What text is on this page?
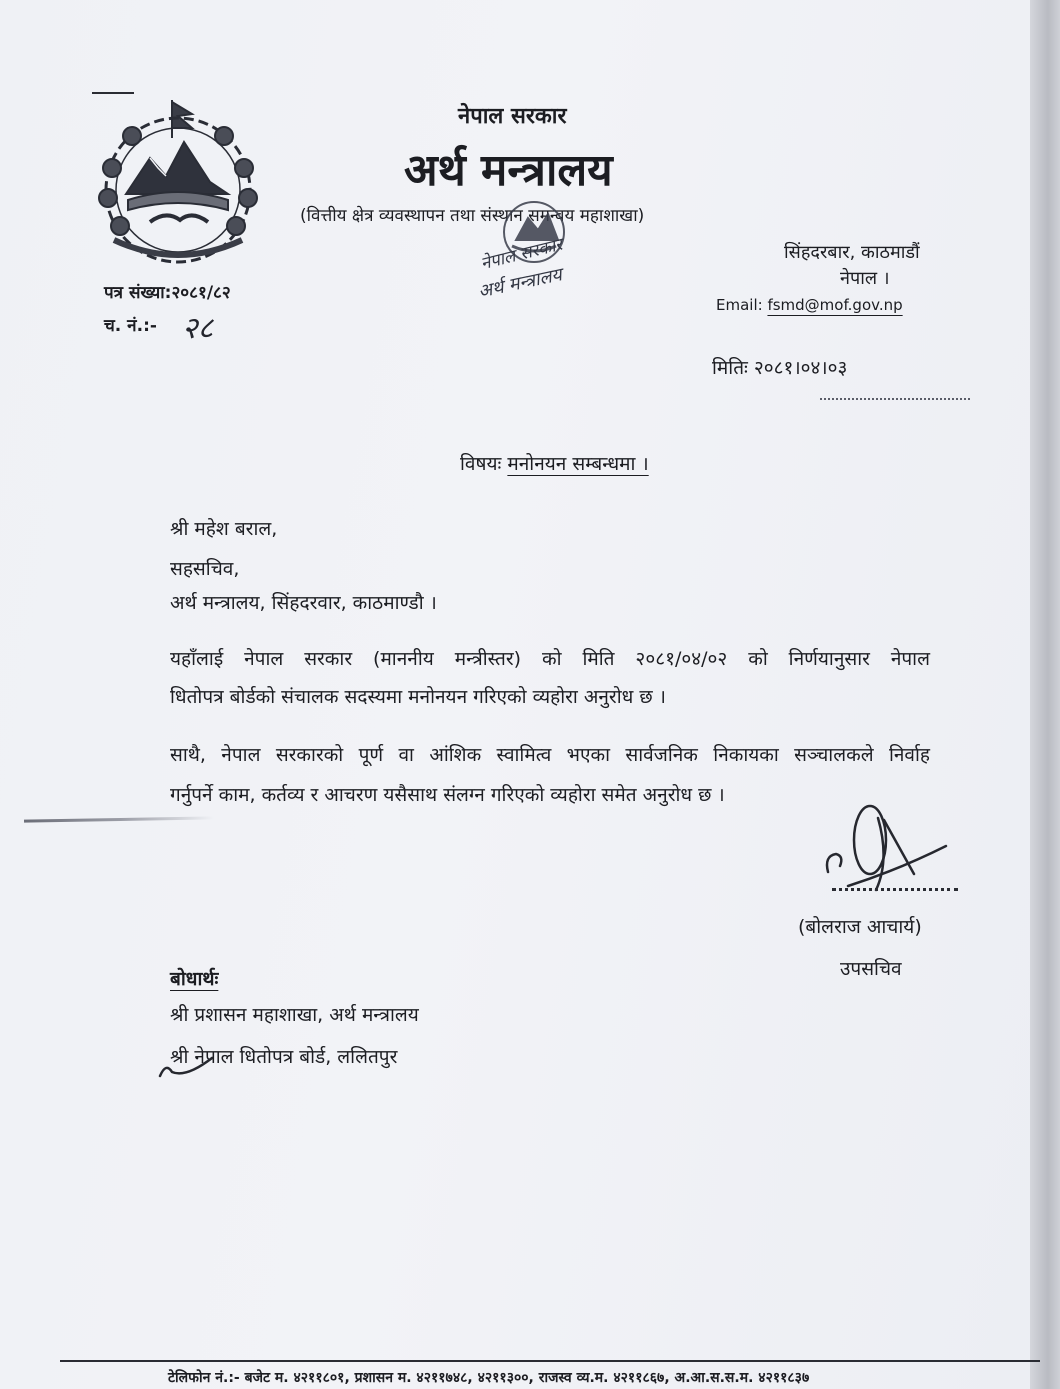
नेपाल सरकार
अर्थ मन्त्रालय
(वित्तीय क्षेत्र व्यवस्थापन तथा संस्थान समन्वय महाशाखा)
नेपाल सरकार
अर्थ मन्त्रालय
सिंहदरबार, काठमाडौं
नेपाल ।
Email: fsmd@mof.gov.np
पत्र संख्या:२०८१/८२
च. नं.:- २८
मितिः २०८१।०४।०३
विषयः मनोनयन सम्बन्धमा ।
श्री महेश बराल,
सहसचिव,
अर्थ मन्त्रालय, सिंहदरवार, काठमाण्डौ ।
यहाँलाई नेपाल सरकार (माननीय मन्त्रीस्तर) को मिति २०८१/०४/०२ को निर्णयानुसार नेपाल
धितोपत्र बोर्डको संचालक सदस्यमा मनोनयन गरिएको व्यहोरा अनुरोध छ ।
साथै, नेपाल सरकारको पूर्ण वा आंशिक स्वामित्व भएका सार्वजनिक निकायका सञ्चालकले निर्वाह
गर्नुपर्ने काम, कर्तव्य र आचरण यसैसाथ संलग्न गरिएको व्यहोरा समेत अनुरोध छ ।
(बोलराज आचार्य)
उपसचिव
बोधार्थः
श्री प्रशासन महाशाखा, अर्थ मन्त्रालय
श्री नेपाल धितोपत्र बोर्ड, ललितपुर
टेलिफोन नं.:- बजेट म. ४२११८०१, प्रशासन म. ४२११७४८, ४२११३००, राजस्व व्य.म. ४२११८६७, अ.आ.स.स.म. ४२११८३७
